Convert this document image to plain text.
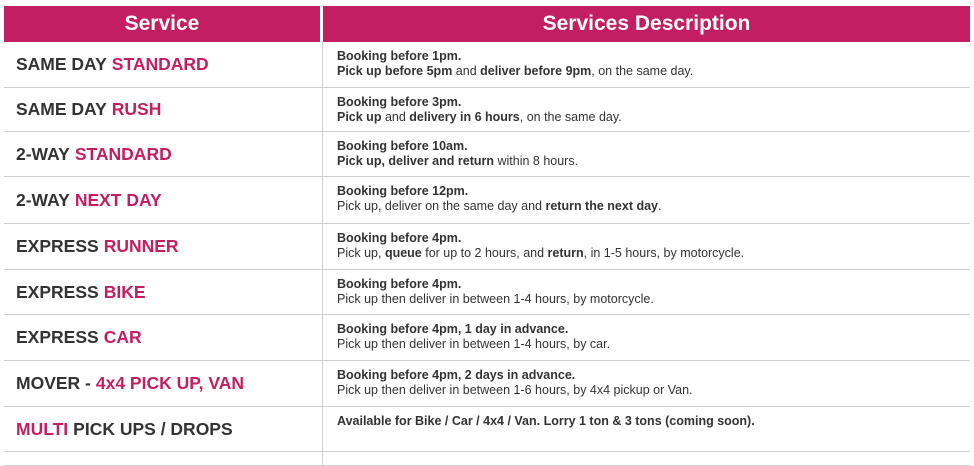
Service	Services Description
SAME DAY STANDARD	Booking before 1pm.
Pick up before 5pm and deliver before 9pm, on the same day.
SAME DAY RUSH	Booking before 3pm.
Pick up and delivery in 6 hours, on the same day.
2-WAY STANDARD	Booking before 10am.
Pick up, deliver and return within 8 hours.
2-WAY NEXT DAY	Booking before 12pm.
Pick up, deliver on the same day and return the next day.
EXPRESS RUNNER	Booking before 4pm.
Pick up, queue for up to 2 hours, and return, in 1-5 hours, by motorcycle.
EXPRESS BIKE	Booking before 4pm.
Pick up then deliver in between 1-4 hours, by motorcycle.
EXPRESS CAR	Booking before 4pm, 1 day in advance.
Pick up then deliver in between 1-4 hours, by car.
MOVER - 4x4 PICK UP, VAN	Booking before 4pm, 2 days in advance.
Pick up then deliver in between 1-6 hours, by 4x4 pickup or Van.
MULTI PICK UPS / DROPS	Available for Bike / Car / 4x4 / Van. Lorry 1 ton & 3 tons (coming soon).
